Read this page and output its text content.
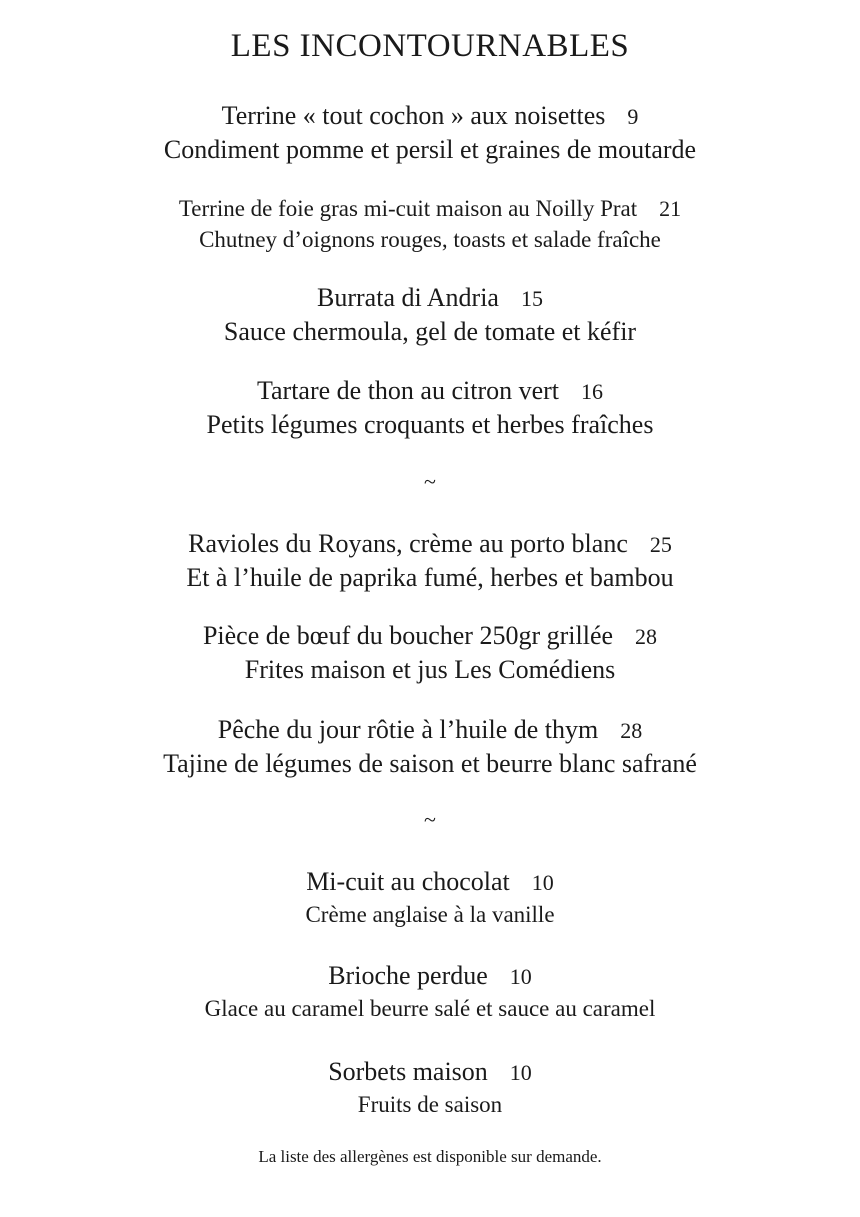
LES INCONTOURNABLES
Terrine « tout cochon » aux noisettes 9
Condiment pomme et persil et graines de moutarde
Terrine de foie gras mi-cuit maison au Noilly Prat 21
Chutney d’oignons rouges, toasts et salade fraîche
Burrata di Andria 15
Sauce chermoula, gel de tomate et kéfir
Tartare de thon au citron vert 16
Petits légumes croquants et herbes fraîches
~
Ravioles du Royans, crème au porto blanc 25
Et à l’huile de paprika fumé, herbes et bambou
Pièce de bœuf du boucher 250gr grillée 28
Frites maison et jus Les Comédiens
Pêche du jour rôtie à l’huile de thym 28
Tajine de légumes de saison et beurre blanc safrané
~
Mi-cuit au chocolat 10
Crème anglaise à la vanille
Brioche perdue 10
Glace au caramel beurre salé et sauce au caramel
Sorbets maison 10
Fruits de saison
La liste des allergènes est disponible sur demande.
